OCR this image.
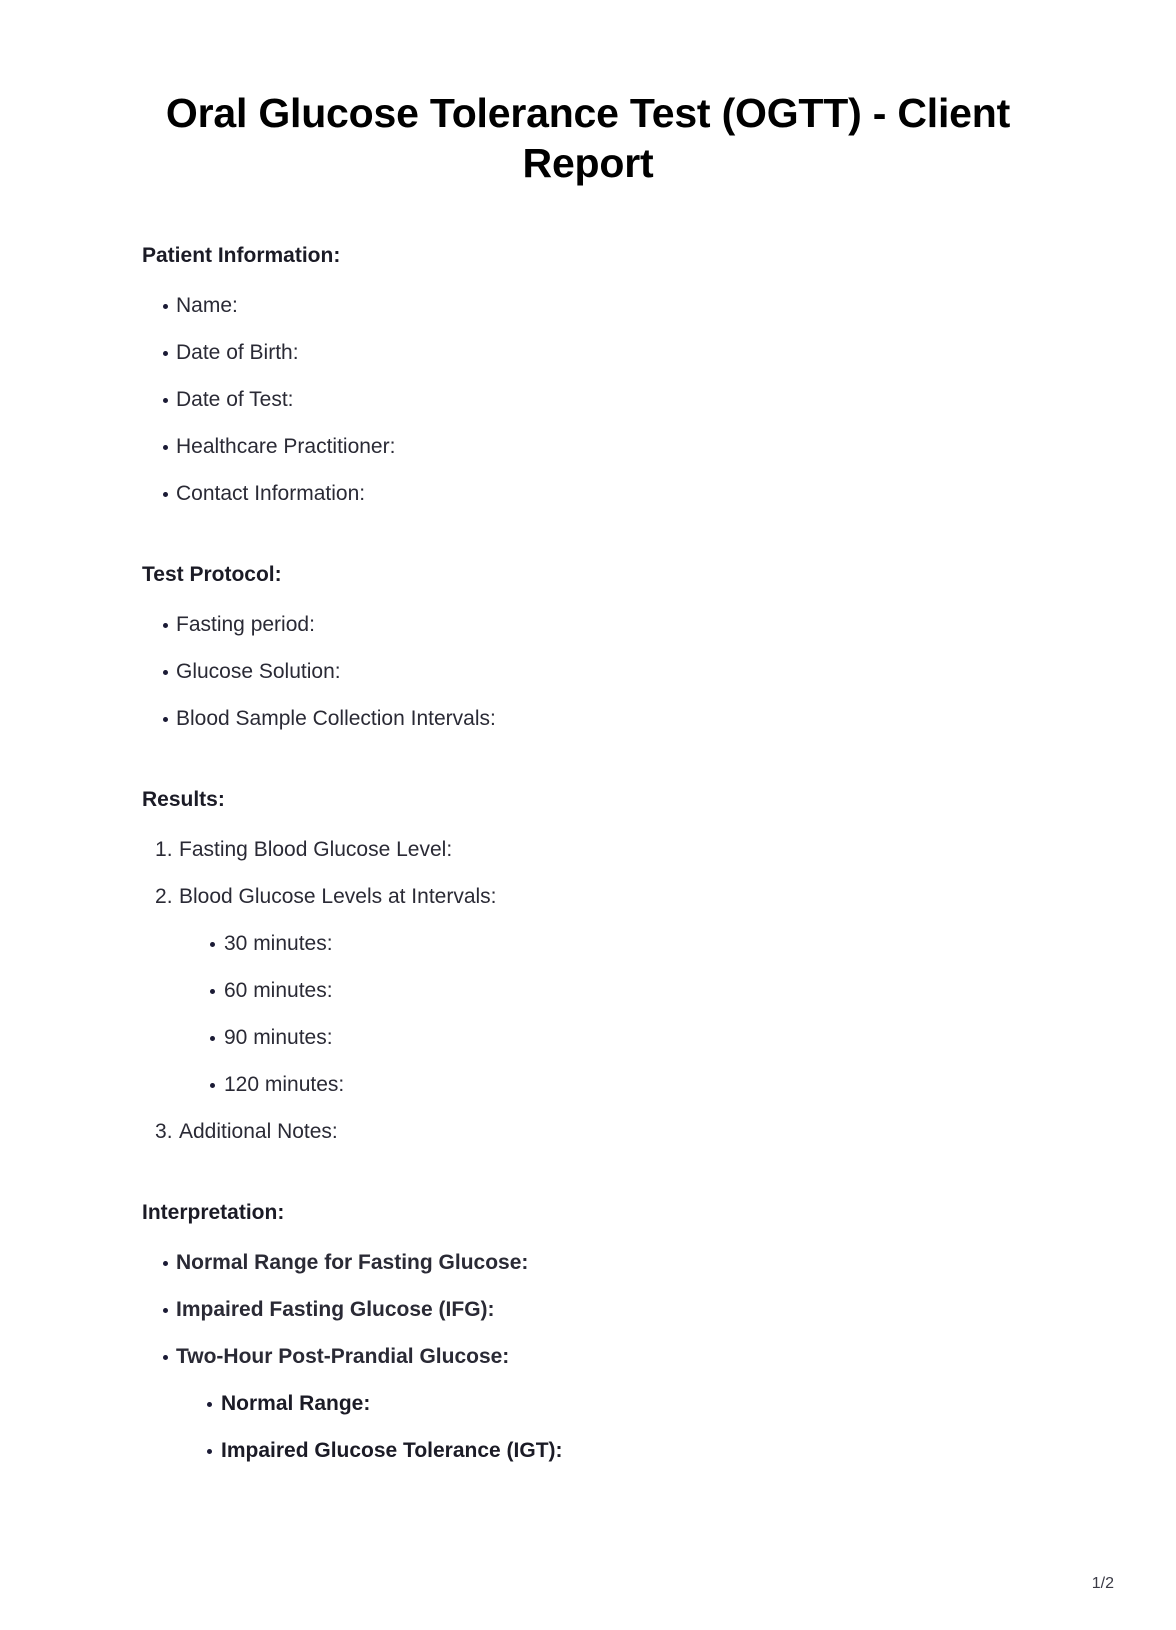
Oral Glucose Tolerance Test (OGTT) - Client Report
Patient Information:
Name:
Date of Birth:
Date of Test:
Healthcare Practitioner:
Contact Information:
Test Protocol:
Fasting period:
Glucose Solution:
Blood Sample Collection Intervals:
Results:
Fasting Blood Glucose Level:
Blood Glucose Levels at Intervals:
30 minutes:
60 minutes:
90 minutes:
120 minutes:
Additional Notes:
Interpretation:
Normal Range for Fasting Glucose:
Impaired Fasting Glucose (IFG):
Two-Hour Post-Prandial Glucose:
Normal Range:
Impaired Glucose Tolerance (IGT):
1/2
